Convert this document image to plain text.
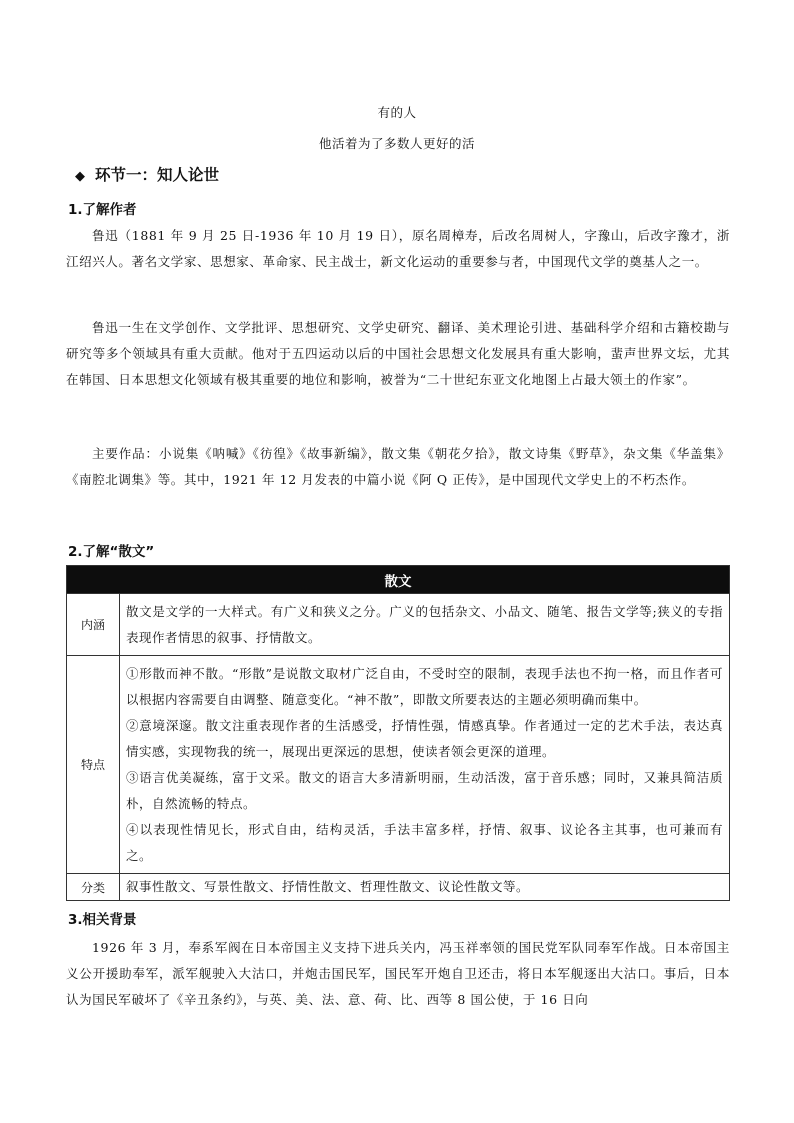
有的人
他活着为了多数人更好的活
◆ 环节一：知人论世
1.了解作者
鲁迅（1881 年 9 月 25 日-1936 年 10 月 19 日），原名周樟寿，后改名周树人，字豫山，后改字豫才，浙江绍兴人。著名文学家、思想家、革命家、民主战士，新文化运动的重要参与者，中国现代文学的奠基人之一。
鲁迅一生在文学创作、文学批评、思想研究、文学史研究、翻译、美术理论引进、基础科学介绍和古籍校勘与研究等多个领域具有重大贡献。他对于五四运动以后的中国社会思想文化发展具有重大影响，蜚声世界文坛，尤其在韩国、日本思想文化领域有极其重要的地位和影响，被誉为“二十世纪东亚文化地图上占最大领土的作家”。
主要作品：小说集《呐喊》《彷徨》《故事新编》，散文集《朝花夕拾》，散文诗集《野草》，杂文集《华盖集》《南腔北调集》等。其中，1921 年 12 月发表的中篇小说《阿 Q 正传》，是中国现代文学史上的不朽杰作。
2.了解“散文”
散文	
内涵	散文是文学的一大样式。有广义和狭义之分。广义的包括杂文、小品文、随笔、报告文学等;狭义的专指表现作者情思的叙事、抒情散文。

特点	①形散而神不散。“形散”是说散文取材广泛自由，不受时空的限制，表现手法也不拘一格，而且作者可以根据内容需要自由调整、随意变化。“神不散”，即散文所要表达的主题必须明确而集中。

②意境深邃。散文注重表现作者的生活感受，抒情性强，情感真挚。作者通过一定的艺术手法，表达真情实感，实现物我的统一，展现出更深远的思想，使读者领会更深的道理。

③语言优美凝练，富于文采。散文的语言大多清新明丽，生动活泼，富于音乐感；同时，又兼具简洁质朴，自然流畅的特点。

④以表现性情见长，形式自由，结构灵活，手法丰富多样，抒情、叙事、议论各主其事，也可兼而有之。

分类	叙事性散文、写景性散文、抒情性散文、哲理性散文、议论性散文等。

3.相关背景
1926 年 3 月，奉系军阀在日本帝国主义支持下进兵关内，冯玉祥率领的国民党军队同奉军作战。日本帝国主义公开援助奉军，派军舰驶入大沽口，并炮击国民军，国民军开炮自卫还击，将日本军舰逐出大沽口。事后，日本认为国民军破坏了《辛丑条约》，与英、美、法、意、荷、比、西等 8 国公使，于 16 日向
